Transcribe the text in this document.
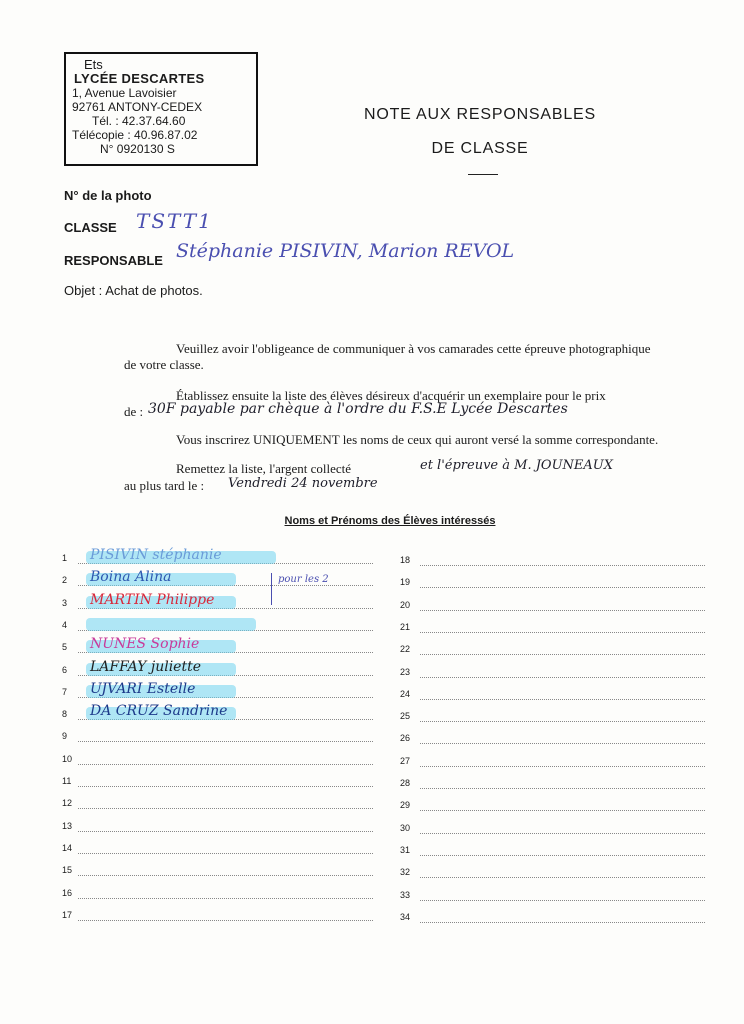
Ets
LYCÉE DESCARTES
1, Avenue Lavoisier
92761 ANTONY-CEDEX
Tél. : 42.37.64.60
Télécopie : 40.96.87.02
N° 0920130 S
NOTE AUX RESPONSABLES
DE CLASSE
N° de la photo
CLASSE TSTT1
RESPONSABLE Stéphanie PISIVIN, Marion REVOL
Objet : Achat de photos.
Veuillez avoir l'obligeance de communiquer à vos camarades cette épreuve photographique
de votre classe.
Établissez ensuite la liste des élèves désireux d'acquérir un exemplaire pour le prix
de : 30F payable par chèque à l'ordre du F.S.E Lycée Descartes
Vous inscrirez UNIQUEMENT les noms de ceux qui auront versé la somme correspondante.
Remettez la liste, l'argent collecté	et l'épreuve à M. JOUNEAUX
au plus tard le : Vendredi 24 novembre
Noms et Prénoms des Élèves intéressés
1	PISIVIN stéphanie
2	Boina Alina
3	MARTIN Philippe
4
5	NUNES Sophie
6	LAFFAY juliette
7	UJVARI Estelle
8	DA CRUZ Sandrine
9
10
11
12
13
14
15
16
17
18
19
20
21
22
23
24
25
26
27
28
29
30
31
32
33
34
pour les 2
